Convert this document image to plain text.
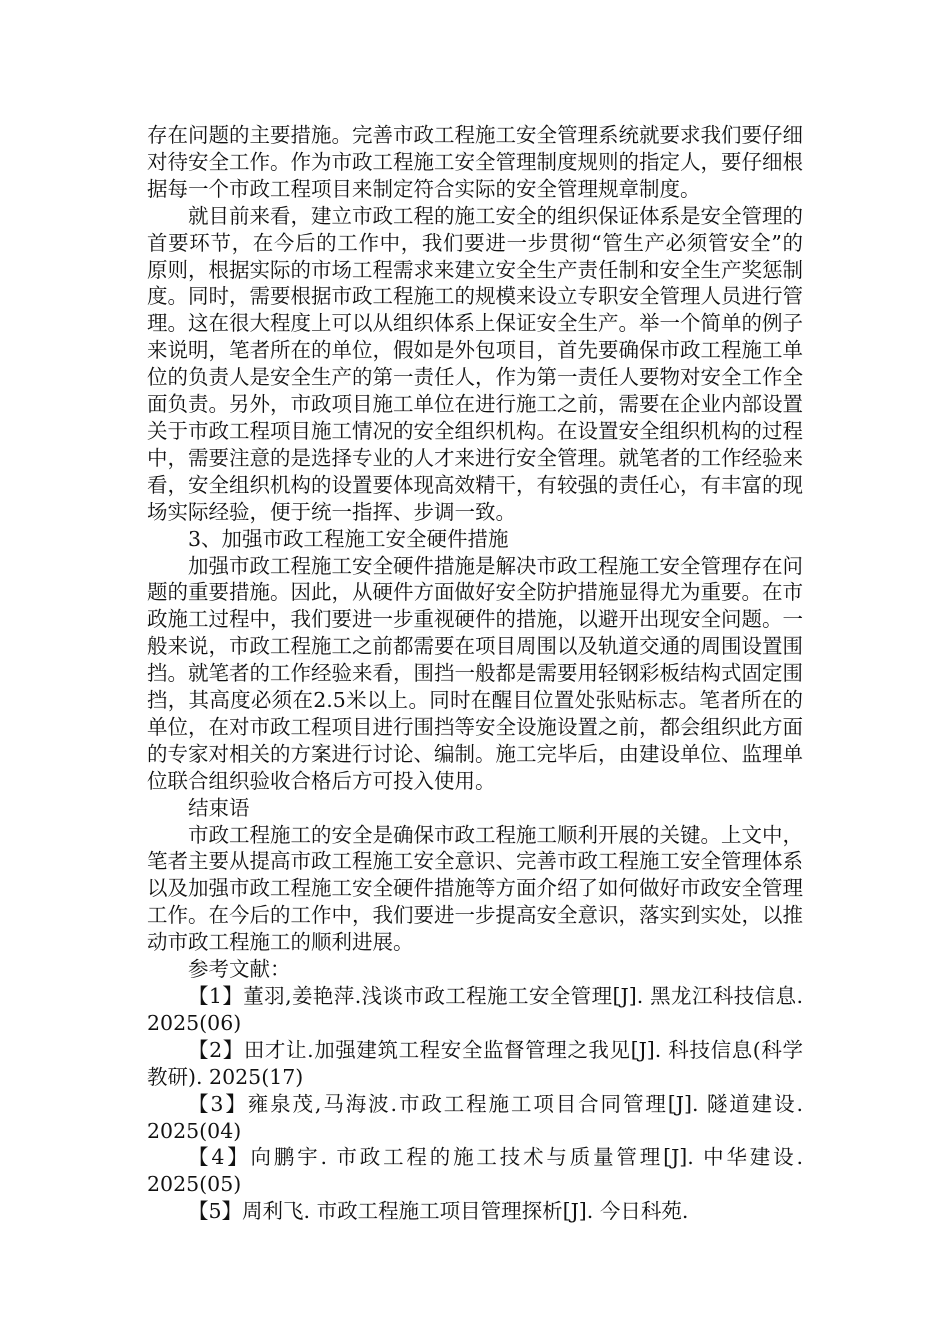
存在问题的主要措施。完善市政工程施工安全管理系统就要求我们要仔细对待安全工作。作为市政工程施工安全管理制度规则的指定人，要仔细根据每一个市政工程项目来制定符合实际的安全管理规章制度。

就目前来看，建立市政工程的施工安全的组织保证体系是安全管理的首要环节，在今后的工作中，我们要进一步贯彻“管生产必须管安全”的原则，根据实际的市场工程需求来建立安全生产责任制和安全生产奖惩制度。同时，需要根据市政工程施工的规模来设立专职安全管理人员进行管理。这在很大程度上可以从组织体系上保证安全生产。举一个简单的例子来说明，笔者所在的单位，假如是外包项目，首先要确保市政工程施工单位的负责人是安全生产的第一责任人，作为第一责任人要物对安全工作全面负责。另外，市政项目施工单位在进行施工之前，需要在企业内部设置关于市政工程项目施工情况的安全组织机构。在设置安全组织机构的过程中，需要注意的是选择专业的人才来进行安全管理。就笔者的工作经验来看，安全组织机构的设置要体现高效精干，有较强的责任心，有丰富的现场实际经验，便于统一指挥、步调一致。

3、加强市政工程施工安全硬件措施

加强市政工程施工安全硬件措施是解决市政工程施工安全管理存在问题的重要措施。因此，从硬件方面做好安全防护措施显得尤为重要。在市政施工过程中，我们要进一步重视硬件的措施，以避开出现安全问题。一般来说，市政工程施工之前都需要在项目周围以及轨道交通的周围设置围挡。就笔者的工作经验来看，围挡一般都是需要用轻钢彩板结构式固定围挡，其高度必须在2.5米以上。同时在醒目位置处张贴标志。笔者所在的单位，在对市政工程项目进行围挡等安全设施设置之前，都会组织此方面的专家对相关的方案进行讨论、编制。施工完毕后，由建设单位、监理单位联合组织验收合格后方可投入使用。

结束语

市政工程施工的安全是确保市政工程施工顺利开展的关键。上文中，笔者主要从提高市政工程施工安全意识、完善市政工程施工安全管理体系以及加强市政工程施工安全硬件措施等方面介绍了如何做好市政安全管理工作。在今后的工作中，我们要进一步提高安全意识，落实到实处，以推动市政工程施工的顺利进展。

参考文献：

【1】董羽,姜艳萍.浅谈市政工程施工安全管理[J]. 黑龙江科技信息. 2025(06)

【2】田才让.加强建筑工程安全监督管理之我见[J]. 科技信息(科学教研). 2025(17)

【3】雍泉茂,马海波.市政工程施工项目合同管理[J]. 隧道建设. 2025(04)

【4】向鹏宇. 市政工程的施工技术与质量管理[J]. 中华建设. 2025(05)

【5】周利飞. 市政工程施工项目管理探析[J]. 今日科苑.
